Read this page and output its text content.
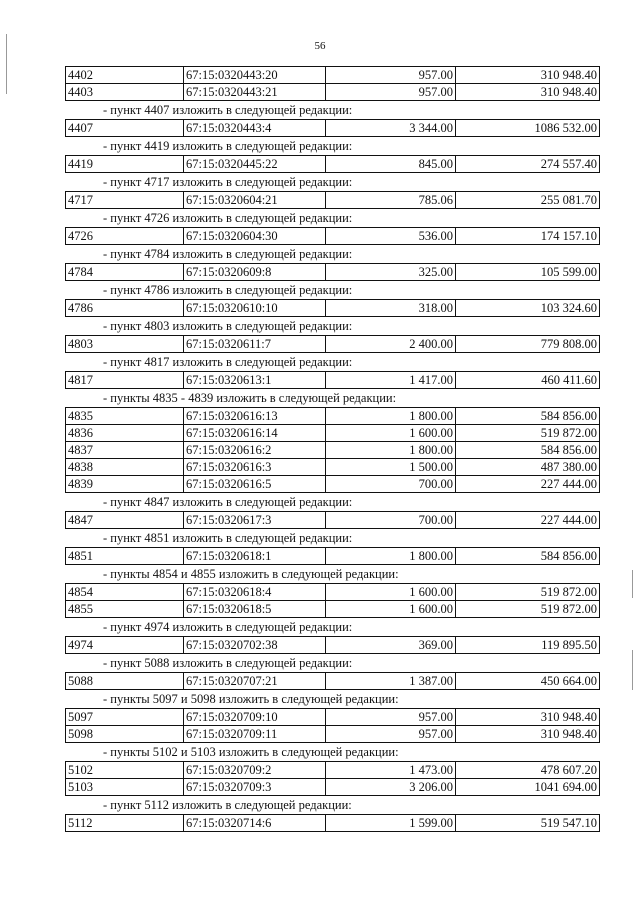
56
4402	67:15:0320443:20	957.00	310 948.40
4403	67:15:0320443:21	957.00	310 948.40
- пункт 4407 изложить в следующей редакции:
4407	67:15:0320443:4	3 344.00	1086 532.00
- пункт 4419 изложить в следующей редакции:
4419	67:15:0320445:22	845.00	274 557.40
- пункт 4717 изложить в следующей редакции:
4717	67:15:0320604:21	785.06	255 081.70
- пункт 4726 изложить в следующей редакции:
4726	67:15:0320604:30	536.00	174 157.10
- пункт 4784 изложить в следующей редакции:
4784	67:15:0320609:8	325.00	105 599.00
- пункт 4786 изложить в следующей редакции:
4786	67:15:0320610:10	318.00	103 324.60
- пункт 4803 изложить в следующей редакции:
4803	67:15:0320611:7	2 400.00	779 808.00
- пункт 4817 изложить в следующей редакции:
4817	67:15:0320613:1	1 417.00	460 411.60
- пункты 4835 - 4839 изложить в следующей редакции:
4835	67:15:0320616:13	1 800.00	584 856.00
4836	67:15:0320616:14	1 600.00	519 872.00
4837	67:15:0320616:2	1 800.00	584 856.00
4838	67:15:0320616:3	1 500.00	487 380.00
4839	67:15:0320616:5	700.00	227 444.00
- пункт 4847 изложить в следующей редакции:
4847	67:15:0320617:3	700.00	227 444.00
- пункт 4851 изложить в следующей редакции:
4851	67:15:0320618:1	1 800.00	584 856.00
- пункты 4854 и 4855 изложить в следующей редакции:
4854	67:15:0320618:4	1 600.00	519 872.00
4855	67:15:0320618:5	1 600.00	519 872.00
- пункт 4974 изложить в следующей редакции:
4974	67:15:0320702:38	369.00	119 895.50
- пункт 5088 изложить в следующей редакции:
5088	67:15:0320707:21	1 387.00	450 664.00
- пункты 5097 и 5098 изложить в следующей редакции:
5097	67:15:0320709:10	957.00	310 948.40
5098	67:15:0320709:11	957.00	310 948.40
- пункты 5102 и 5103 изложить в следующей редакции:
5102	67:15:0320709:2	1 473.00	478 607.20
5103	67:15:0320709:3	3 206.00	1041 694.00
- пункт 5112 изложить в следующей редакции:
5112	67:15:0320714:6	1 599.00	519 547.10
